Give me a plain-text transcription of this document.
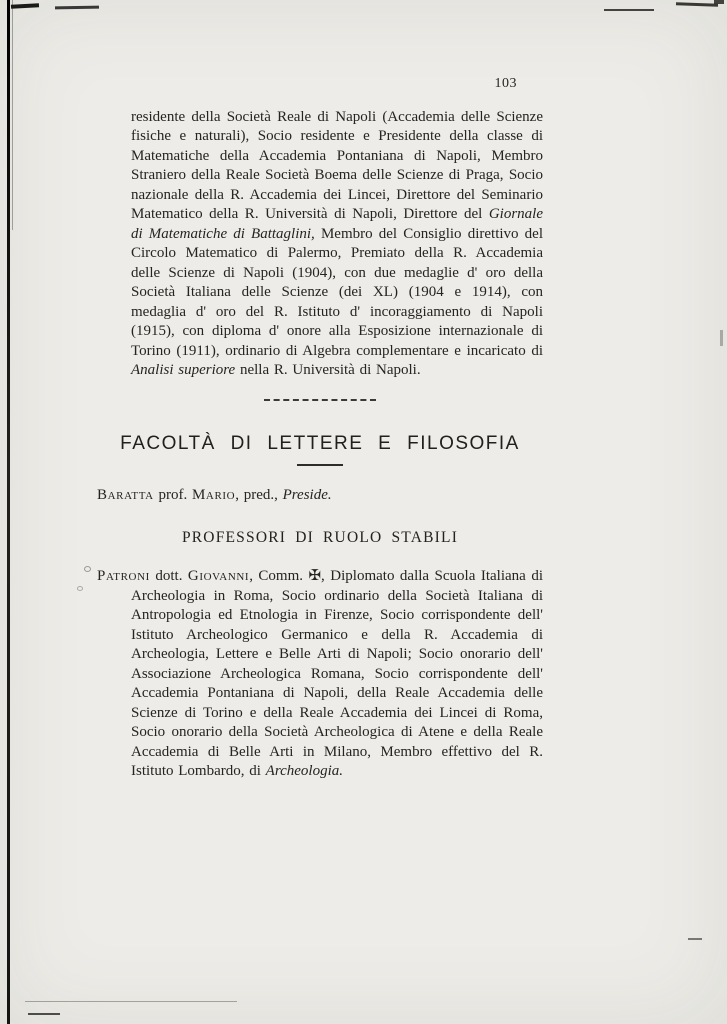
103

residente della Società Reale di Napoli (Accademia delle Scienze fisiche e naturali), Socio residente e Presidente della classe di Matematiche della Accademia Pontaniana di Napoli, Membro Straniero della Reale Società Boema delle Scienze di Praga, Socio nazionale della R. Accademia dei Lincei, Direttore del Seminario Matematico della R. Università di Napoli, Direttore del Giornale di Matematiche di Battaglini, Membro del Consiglio direttivo del Circolo Matematico di Palermo, Premiato della R. Accademia delle Scienze di Napoli (1904), con due medaglie d' oro della Società Italiana delle Scienze (dei XL) (1904 e 1914), con medaglia d' oro del R. Istituto d' incoraggiamento di Napoli (1915), con diploma d' onore alla Esposizione internazionale di Torino (1911), ordinario di Algebra complementare e incaricato di Analisi superiore nella R. Università di Napoli.

FACOLTÀ DI LETTERE E FILOSOFIA

Baratta prof. Mario, pred., Preside.

PROFESSORI DI RUOLO STABILI

Patroni dott. Giovanni, Comm. ✠, Diplomato dalla Scuola Italiana di Archeologia in Roma, Socio ordinario della Società Italiana di Antropologia ed Etnologia in Firenze, Socio corrispondente dell' Istituto Archeologico Germanico e della R. Accademia di Archeologia, Lettere e Belle Arti di Napoli; Socio onorario dell' Associazione Archeologica Romana, Socio corrispondente dell' Accademia Pontaniana di Napoli, della Reale Accademia delle Scienze di Torino e della Reale Accademia dei Lincei di Roma, Socio onorario della Società Archeologica di Atene e della Reale Accademia di Belle Arti in Milano, Membro effettivo del R. Istituto Lombardo, di Archeologia.
